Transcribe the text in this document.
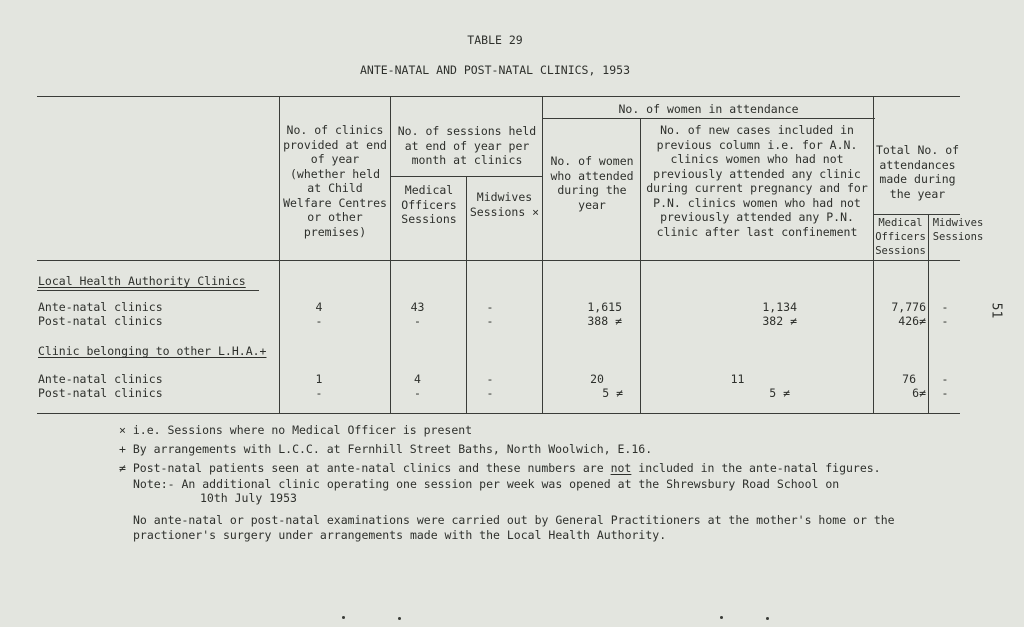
TABLE 29
ANTE-NATAL AND POST-NATAL CLINICS, 1953
51
No. of clinics provided at end of year (whether held at Child Welfare Centres or other premises)
No. of sessions held at end of year per month at clinics
Medical Officers Sessions
Midwives Sessions ×
No. of women in attendance
No. of women who attended during the year
No. of new cases included in previous column i.e. for A.N. clinics women who had not previously attended any clinic during current pregnancy and for P.N. clinics women who had not previously attended any P.N. clinic after last confinement
Total No. of attendances made during the year
Medical Officers Sessions
Midwives Sessions
Local Health Authority Clinics
Ante-natal clinics	4	43	-	1,615	1,134	7,776	-
Post-natal clinics	-	-	-	388 ≠	382 ≠	426≠	-
Clinic belonging to other L.H.A.+
Ante-natal clinics	1	4	-	20	11	76	-
Post-natal clinics	-	-	-	5 ≠	5 ≠	6≠	-
× i.e. Sessions where no Medical Officer is present
+ By arrangements with L.C.C. at Fernhill Street Baths, North Woolwich, E.16.
≠ Post-natal patients seen at ante-natal clinics and these numbers are not included in the ante-natal figures.
Note:- An additional clinic operating one session per week was opened at the Shrewsbury Road School on
10th July 1953
No ante-natal or post-natal examinations were carried out by General Practitioners at the mother's home or the practioner's surgery under arrangements made with the Local Health Authority.
